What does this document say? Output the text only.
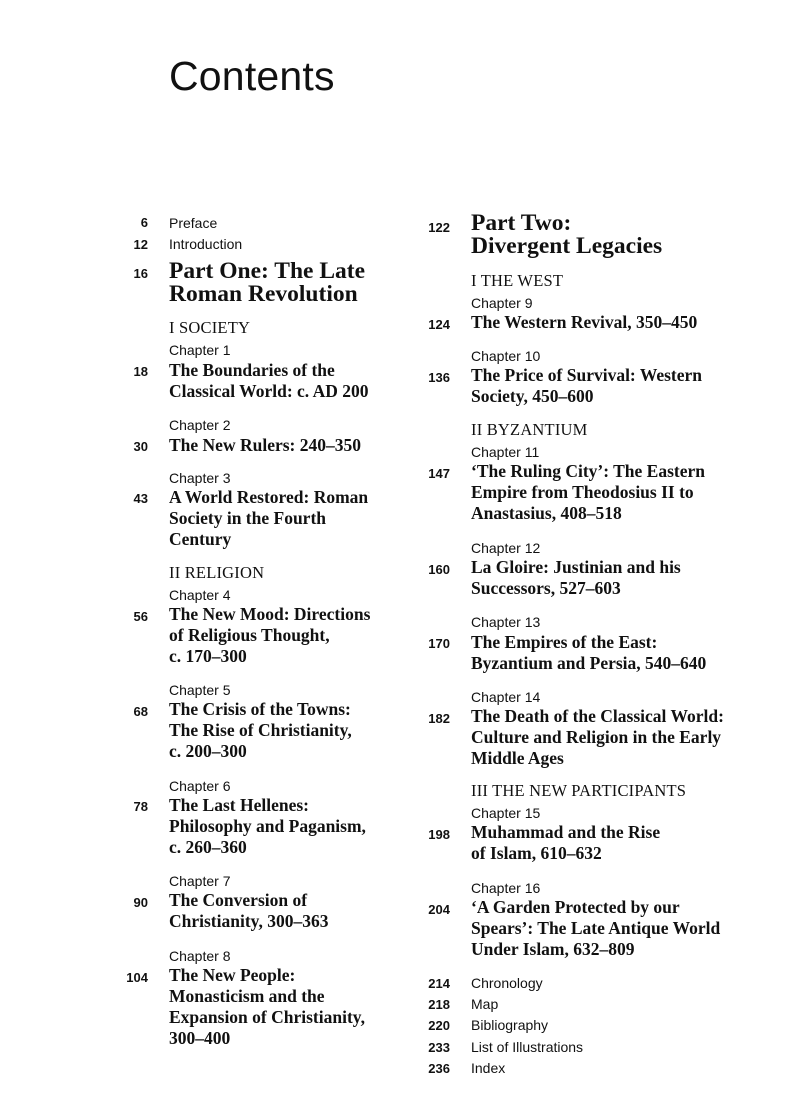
Contents
6 Preface
12 Introduction
16 Part One: The Late
Roman Revolution
I SOCIETY
Chapter 1
18 The Boundaries of the
Classical World: c. AD 200
Chapter 2
30 The New Rulers: 240–350
Chapter 3
43 A World Restored: Roman
Society in the Fourth
Century
II RELIGION
Chapter 4
56 The New Mood: Directions
of Religious Thought,
c. 170–300
Chapter 5
68 The Crisis of the Towns:
The Rise of Christianity,
c. 200–300
Chapter 6
78 The Last Hellenes:
Philosophy and Paganism,
c. 260–360
Chapter 7
90 The Conversion of
Christianity, 300–363
Chapter 8
104 The New People:
Monasticism and the
Expansion of Christianity,
300–400
122 Part Two:
Divergent Legacies
I THE WEST
Chapter 9
124 The Western Revival, 350–450
Chapter 10
136 The Price of Survival: Western
Society, 450–600
II BYZANTIUM
Chapter 11
147 ‘The Ruling City’: The Eastern
Empire from Theodosius II to
Anastasius, 408–518
Chapter 12
160 La Gloire: Justinian and his
Successors, 527–603
Chapter 13
170 The Empires of the East:
Byzantium and Persia, 540–640
Chapter 14
182 The Death of the Classical World:
Culture and Religion in the Early
Middle Ages
III THE NEW PARTICIPANTS
Chapter 15
198 Muhammad and the Rise
of Islam, 610–632
Chapter 16
204 ‘A Garden Protected by our
Spears’: The Late Antique World
Under Islam, 632–809
214 Chronology
218 Map
220 Bibliography
233 List of Illustrations
236 Index
